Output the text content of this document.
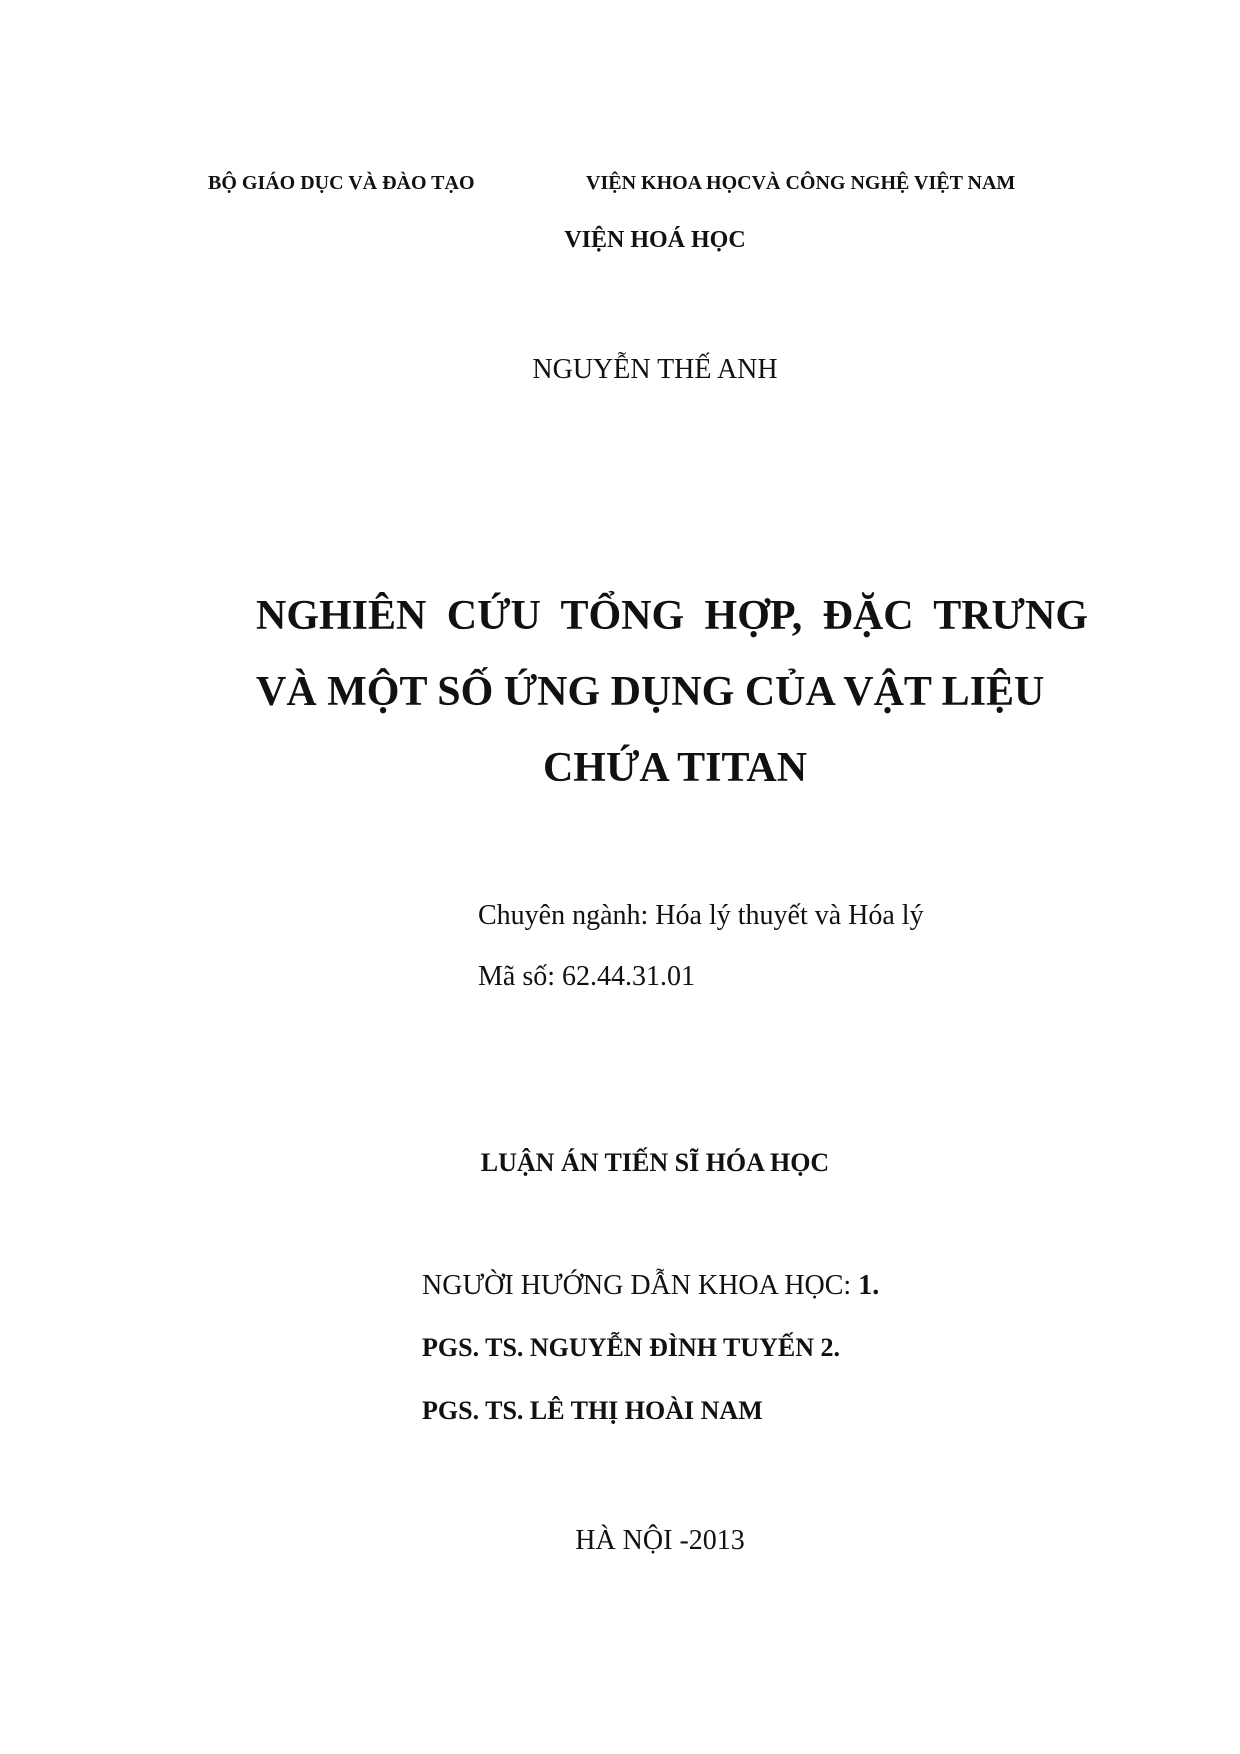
BỘ GIÁO DỤC VÀ ĐÀO TẠO	VIỆN KHOA HỌCVÀ CÔNG NGHỆ VIỆT NAM
VIỆN HOÁ HỌC
NGUYỄN THẾ ANH
NGHIÊN CỨU TỔNG HỢP, ĐẶC TRƯNG
VÀ MỘT SỐ ỨNG DỤNG CỦA VẬT LIỆU
CHỨA TITAN
Chuyên ngành: Hóa lý thuyết và Hóa lý
Mã số: 62.44.31.01
LUẬN ÁN TIẾN SĨ HÓA HỌC
NGƯỜI HƯỚNG DẪN KHOA HỌC: 1.
PGS. TS. NGUYỄN ĐÌNH TUYẾN 2.
PGS. TS. LÊ THỊ HOÀI NAM
HÀ NỘI -2013
